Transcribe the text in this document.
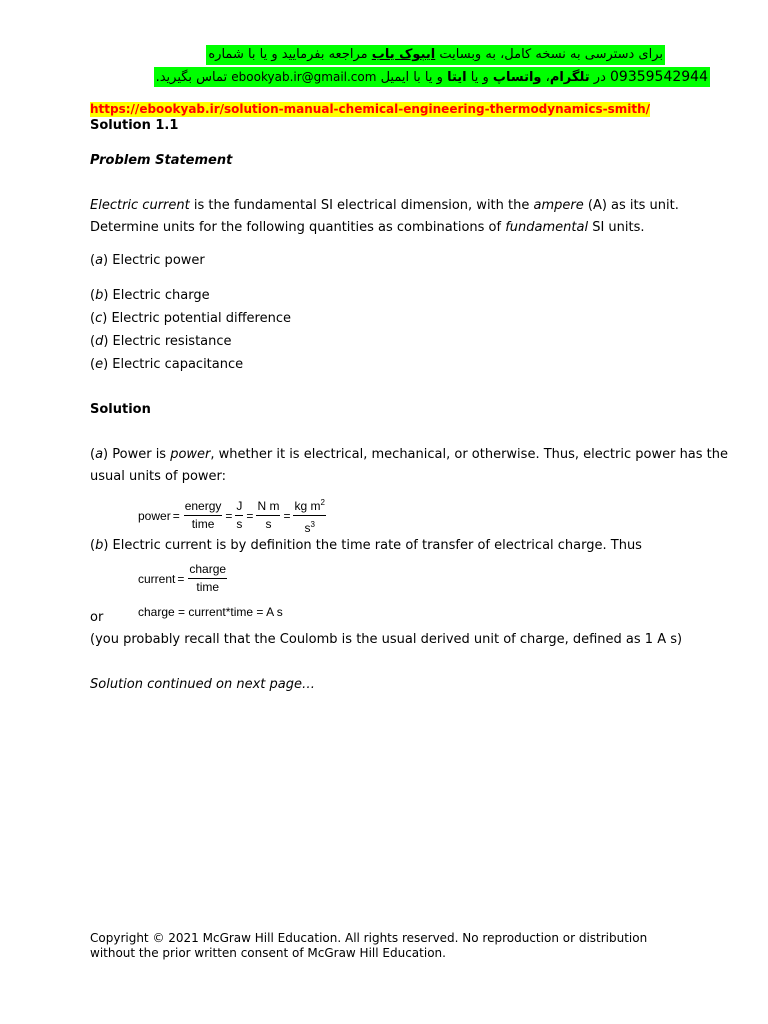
برای دسترسی به نسخه کامل، به وبسایت ایبوک یاب مراجعه بفرمایید و یا با شماره
09359542944 در تلگرام، واتساپ و یا ایتا و یا با ایمیل ebookyab.ir@gmail.com تماس بگیرید.
https://ebookyab.ir/solution-manual-chemical-engineering-thermodynamics-smith/
Solution 1.1
Problem Statement
Electric current is the fundamental SI electrical dimension, with the ampere (A) as its unit.
Determine units for the following quantities as combinations of fundamental SI units.
(a) Electric power
(b) Electric charge
(c) Electric potential difference
(d) Electric resistance
(e) Electric capacitance
Solution
(a) Power is power, whether it is electrical, mechanical, or otherwise. Thus, electric power has the
usual units of power:
power = $\frac{\text{energy}}{\text{time}} = \frac{J}{s} = \frac{\text{N m}}{s} = \frac{kg m^2}{s^3}$
(b) Electric current is by definition the time rate of transfer of electrical charge. Thus
current = $\frac{\text{charge}}{\text{time}}$
charge = current*time = A s
or
(you probably recall that the Coulomb is the usual derived unit of charge, defined as 1 A s)
Solution continued on next page…
Copyright © 2021 McGraw Hill Education. All rights reserved. No reproduction or distribution
without the prior written consent of McGraw Hill Education.
